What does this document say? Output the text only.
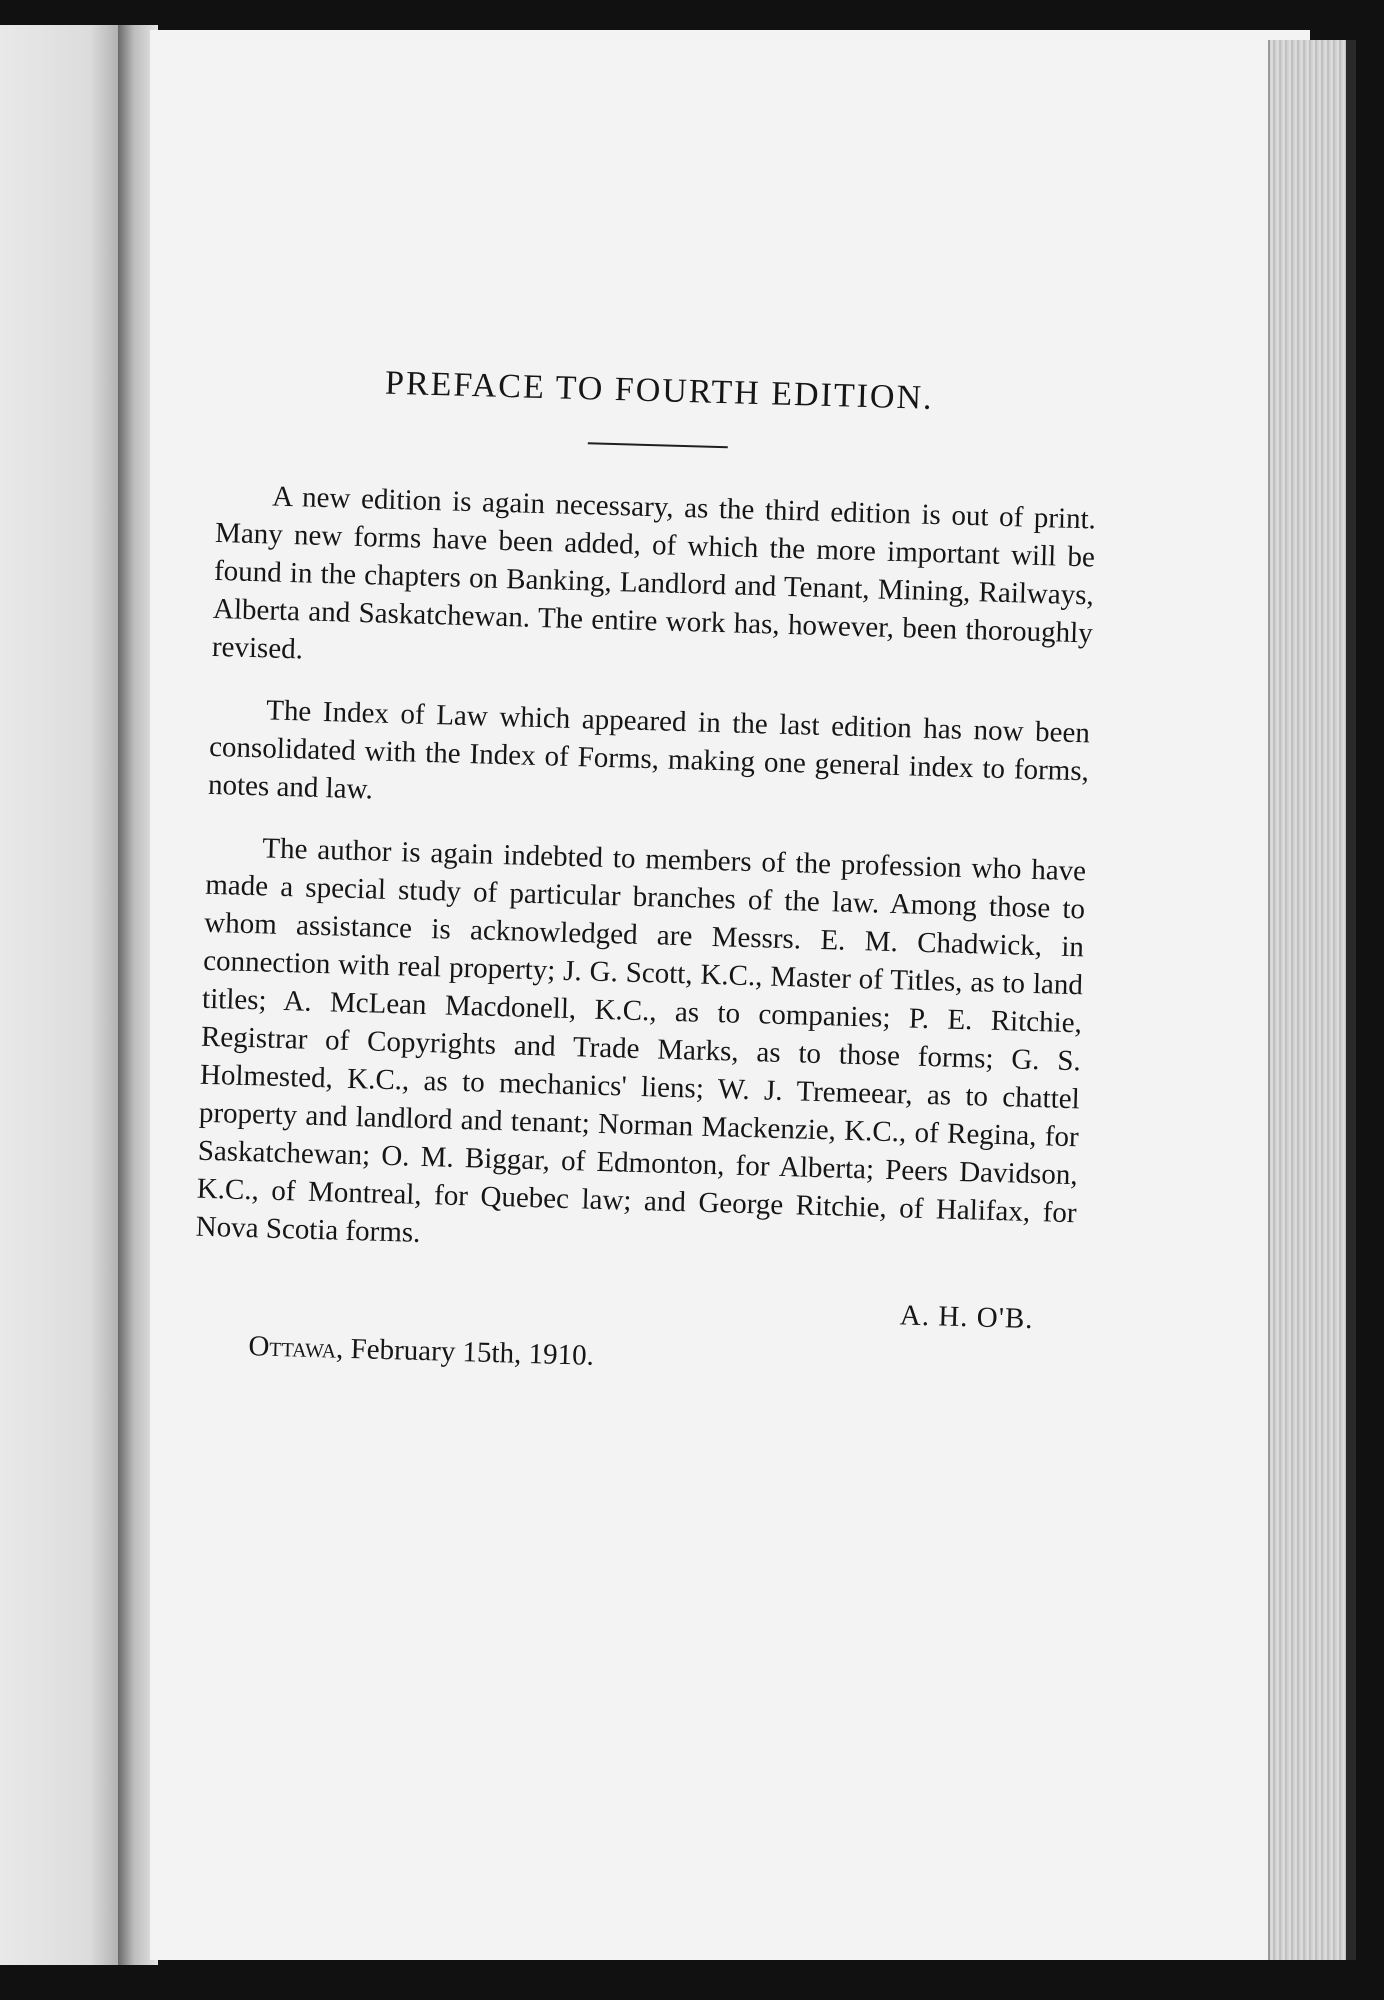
PREFACE TO FOURTH EDITION.

A new edition is again necessary, as the third edition is out of print. Many new forms have been added, of which the more important will be found in the chapters on Banking, Landlord and Tenant, Mining, Railways, Alberta and Saskatchewan. The entire work has, however, been thoroughly revised.

The Index of Law which appeared in the last edition has now been consolidated with the Index of Forms, making one general index to forms, notes and law.

The author is again indebted to members of the profession who have made a special study of particular branches of the law. Among those to whom assistance is acknowledged are Messrs. E. M. Chadwick, in connection with real property; J. G. Scott, K.C., Master of Titles, as to land titles; A. McLean Macdonell, K.C., as to companies; P. E. Ritchie, Registrar of Copyrights and Trade Marks, as to those forms; G. S. Holmested, K.C., as to mechanics' liens; W. J. Tremeear, as to chattel property and landlord and tenant; Norman Mackenzie, K.C., of Regina, for Saskatchewan; O. M. Biggar, of Edmonton, for Alberta; Peers Davidson, K.C., of Montreal, for Quebec law; and George Ritchie, of Halifax, for Nova Scotia forms.

A. H. O'B.
Ottawa, February 15th, 1910.
